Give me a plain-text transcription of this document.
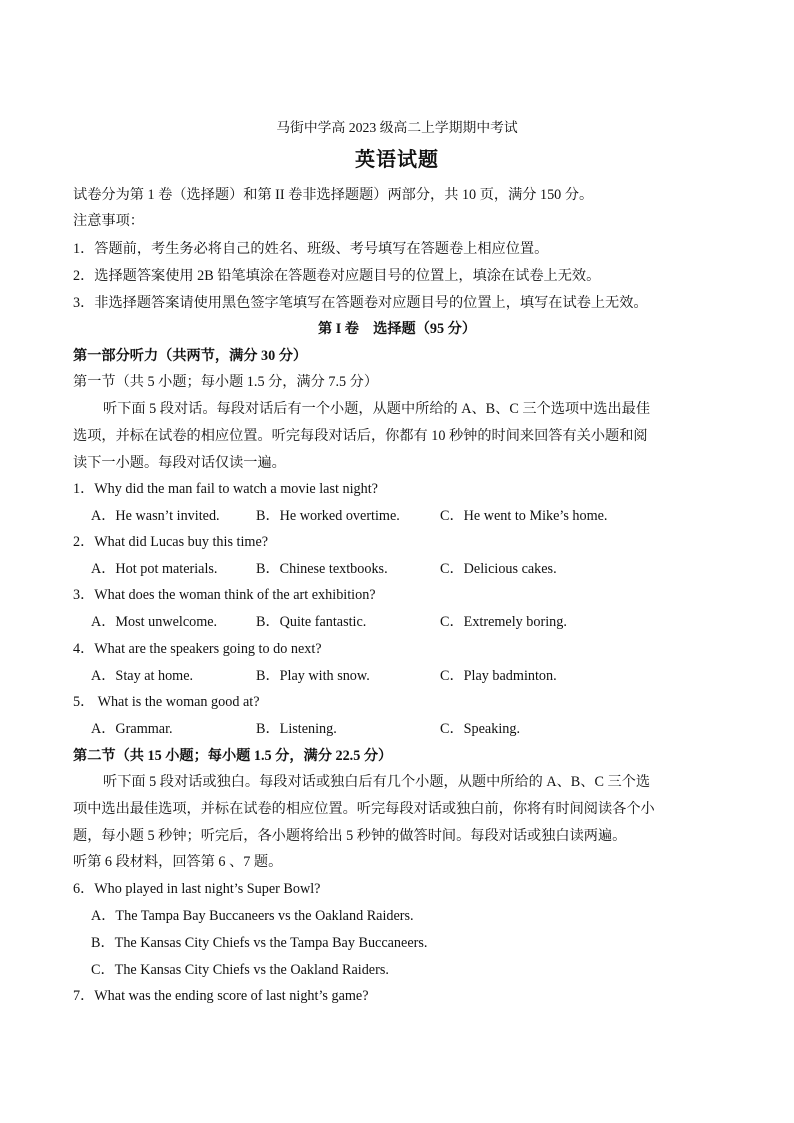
马街中学高 2023 级高二上学期期中考试
英语试题
试卷分为第 1 卷（选择题）和第 II 卷非选择题题）两部分，共 10 页，满分 150 分。
注意事项：
1．答题前，考生务必将自己的姓名、班级、考号填写在答题卷上相应位置。
2．选择题答案使用 2B 铅笔填涂在答题卷对应题目号的位置上，填涂在试卷上无效。
3．非选择题答案请使用黑色签字笔填写在答题卷对应题目号的位置上，填写在试卷上无效。
第 I 卷　选择题（95 分）
第一部分听力（共两节，满分 30 分）
第一节（共 5 小题；每小题 1.5 分，满分 7.5 分）
听下面 5 段对话。每段对话后有一个小题，从题中所给的 A、B、C 三个选项中选出最佳
选项，并标在试卷的相应位置。听完每段对话后，你都有 10 秒钟的时间来回答有关小题和阅
读下一小题。每段对话仅读一遍。
1．Why did the man fail to watch a movie last night?
A．He wasn’t invited.	B．He worked overtime.	C．He went to Mike’s home.
2．What did Lucas buy this time?
A．Hot pot materials.	B．Chinese textbooks.	C．Delicious cakes.
3．What does the woman think of the art exhibition?
A．Most unwelcome.	B．Quite fantastic.	C．Extremely boring.
4．What are the speakers going to do next?
A．Stay at home.	B．Play with snow.	C．Play badminton.
5． What is the woman good at?
A．Grammar.	B．Listening.	C．Speaking.
第二节（共 15 小题；每小题 1.5 分，满分 22.5 分）
听下面 5 段对话或独白。每段对话或独白后有几个小题，从题中所给的 A、B、C 三个选
项中选出最佳选项，并标在试卷的相应位置。听完每段对话或独白前，你将有时间阅读各个小
题，每小题 5 秒钟；听完后，各小题将给出 5 秒钟的做答时间。每段对话或独白读两遍。
听第 6 段材料，回答第 6 、7 题。
6．Who played in last night’s Super Bowl?
A．The Tampa Bay Buccaneers vs the Oakland Raiders.
B．The Kansas City Chiefs vs the Tampa Bay Buccaneers.
C．The Kansas City Chiefs vs the Oakland Raiders.
7．What was the ending score of last night’s game?
